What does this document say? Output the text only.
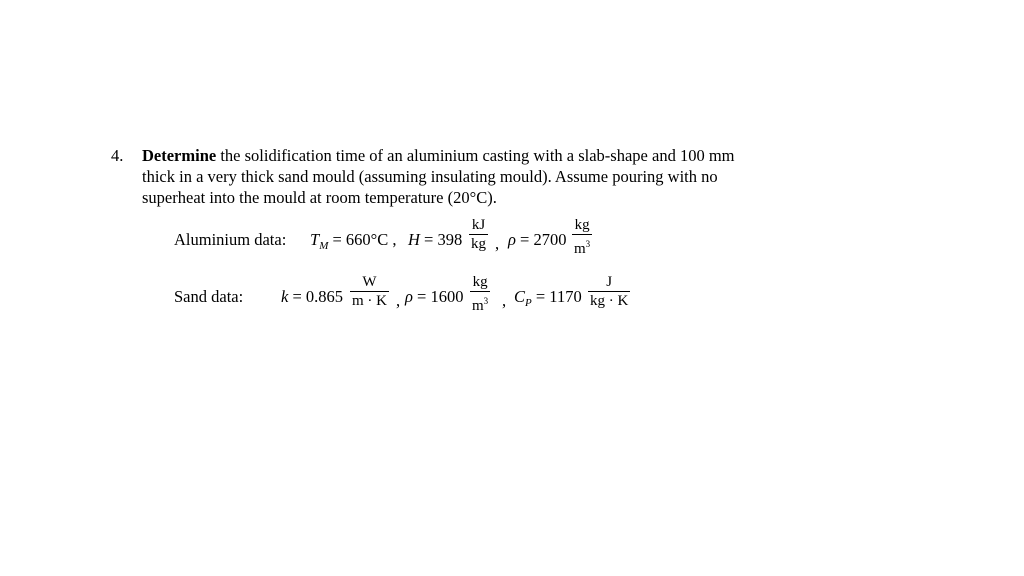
4. Determine the solidification time of an aluminium casting with a slab-shape and 100 mm
thick in a very thick sand mould (assuming insulating mould). Assume pouring with no
superheat into the mould at room temperature (20°C).
Aluminium data: $T_M = 660^\circ C$ , H = 398
kJ
kg , ρ = 2700
kg
$m^3$
Sand data: k = 0.865
W
m · K , ρ = 1600
kg
$m^3$ , $C_P = 1170$
J
kg · K
